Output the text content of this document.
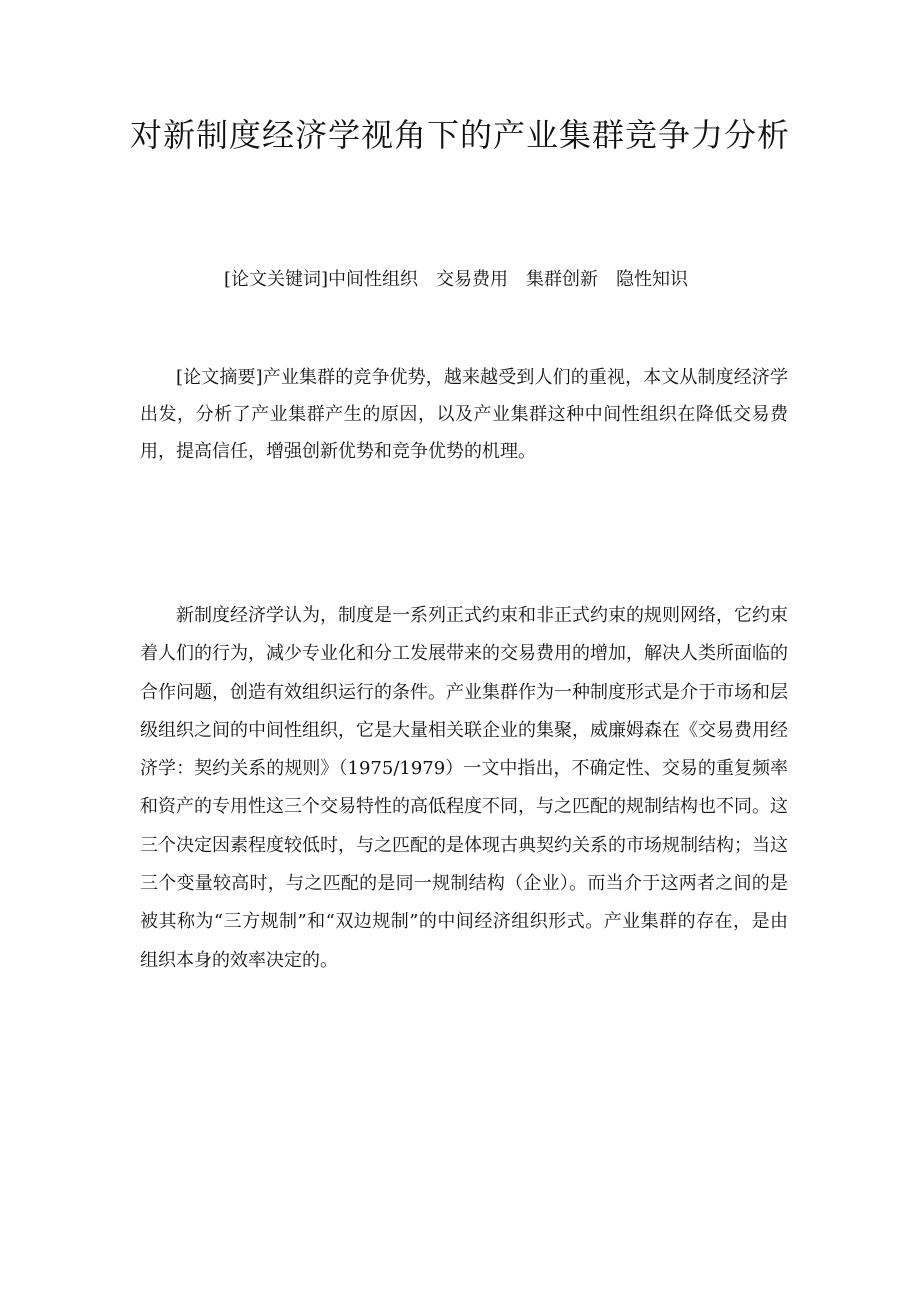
对新制度经济学视角下的产业集群竞争力分析
[论文关键词]中间性组织 交易费用 集群创新 隐性知识

[论文摘要]产业集群的竞争优势，越来越受到人们的重视，本文从制度经济学出发，分析了产业集群产生的原因，以及产业集群这种中间性组织在降低交易费用，提高信任，增强创新优势和竞争优势的机理。

新制度经济学认为，制度是一系列正式约束和非正式约束的规则网络，它约束着人们的行为，减少专业化和分工发展带来的交易费用的增加，解决人类所面临的合作问题，创造有效组织运行的条件。产业集群作为一种制度形式是介于市场和层级组织之间的中间性组织，它是大量相关联企业的集聚，威廉姆森在《交易费用经济学：契约关系的规则》（1975/1979）一文中指出，不确定性、交易的重复频率和资产的专用性这三个交易特性的高低程度不同，与之匹配的规制结构也不同。这三个决定因素程度较低时，与之匹配的是体现古典契约关系的市场规制结构；当这三个变量较高时，与之匹配的是同一规制结构（企业）。而当介于这两者之间的是被其称为“三方规制”和“双边规制”的中间经济组织形式。产业集群的存在，是由组织本身的效率决定的。
